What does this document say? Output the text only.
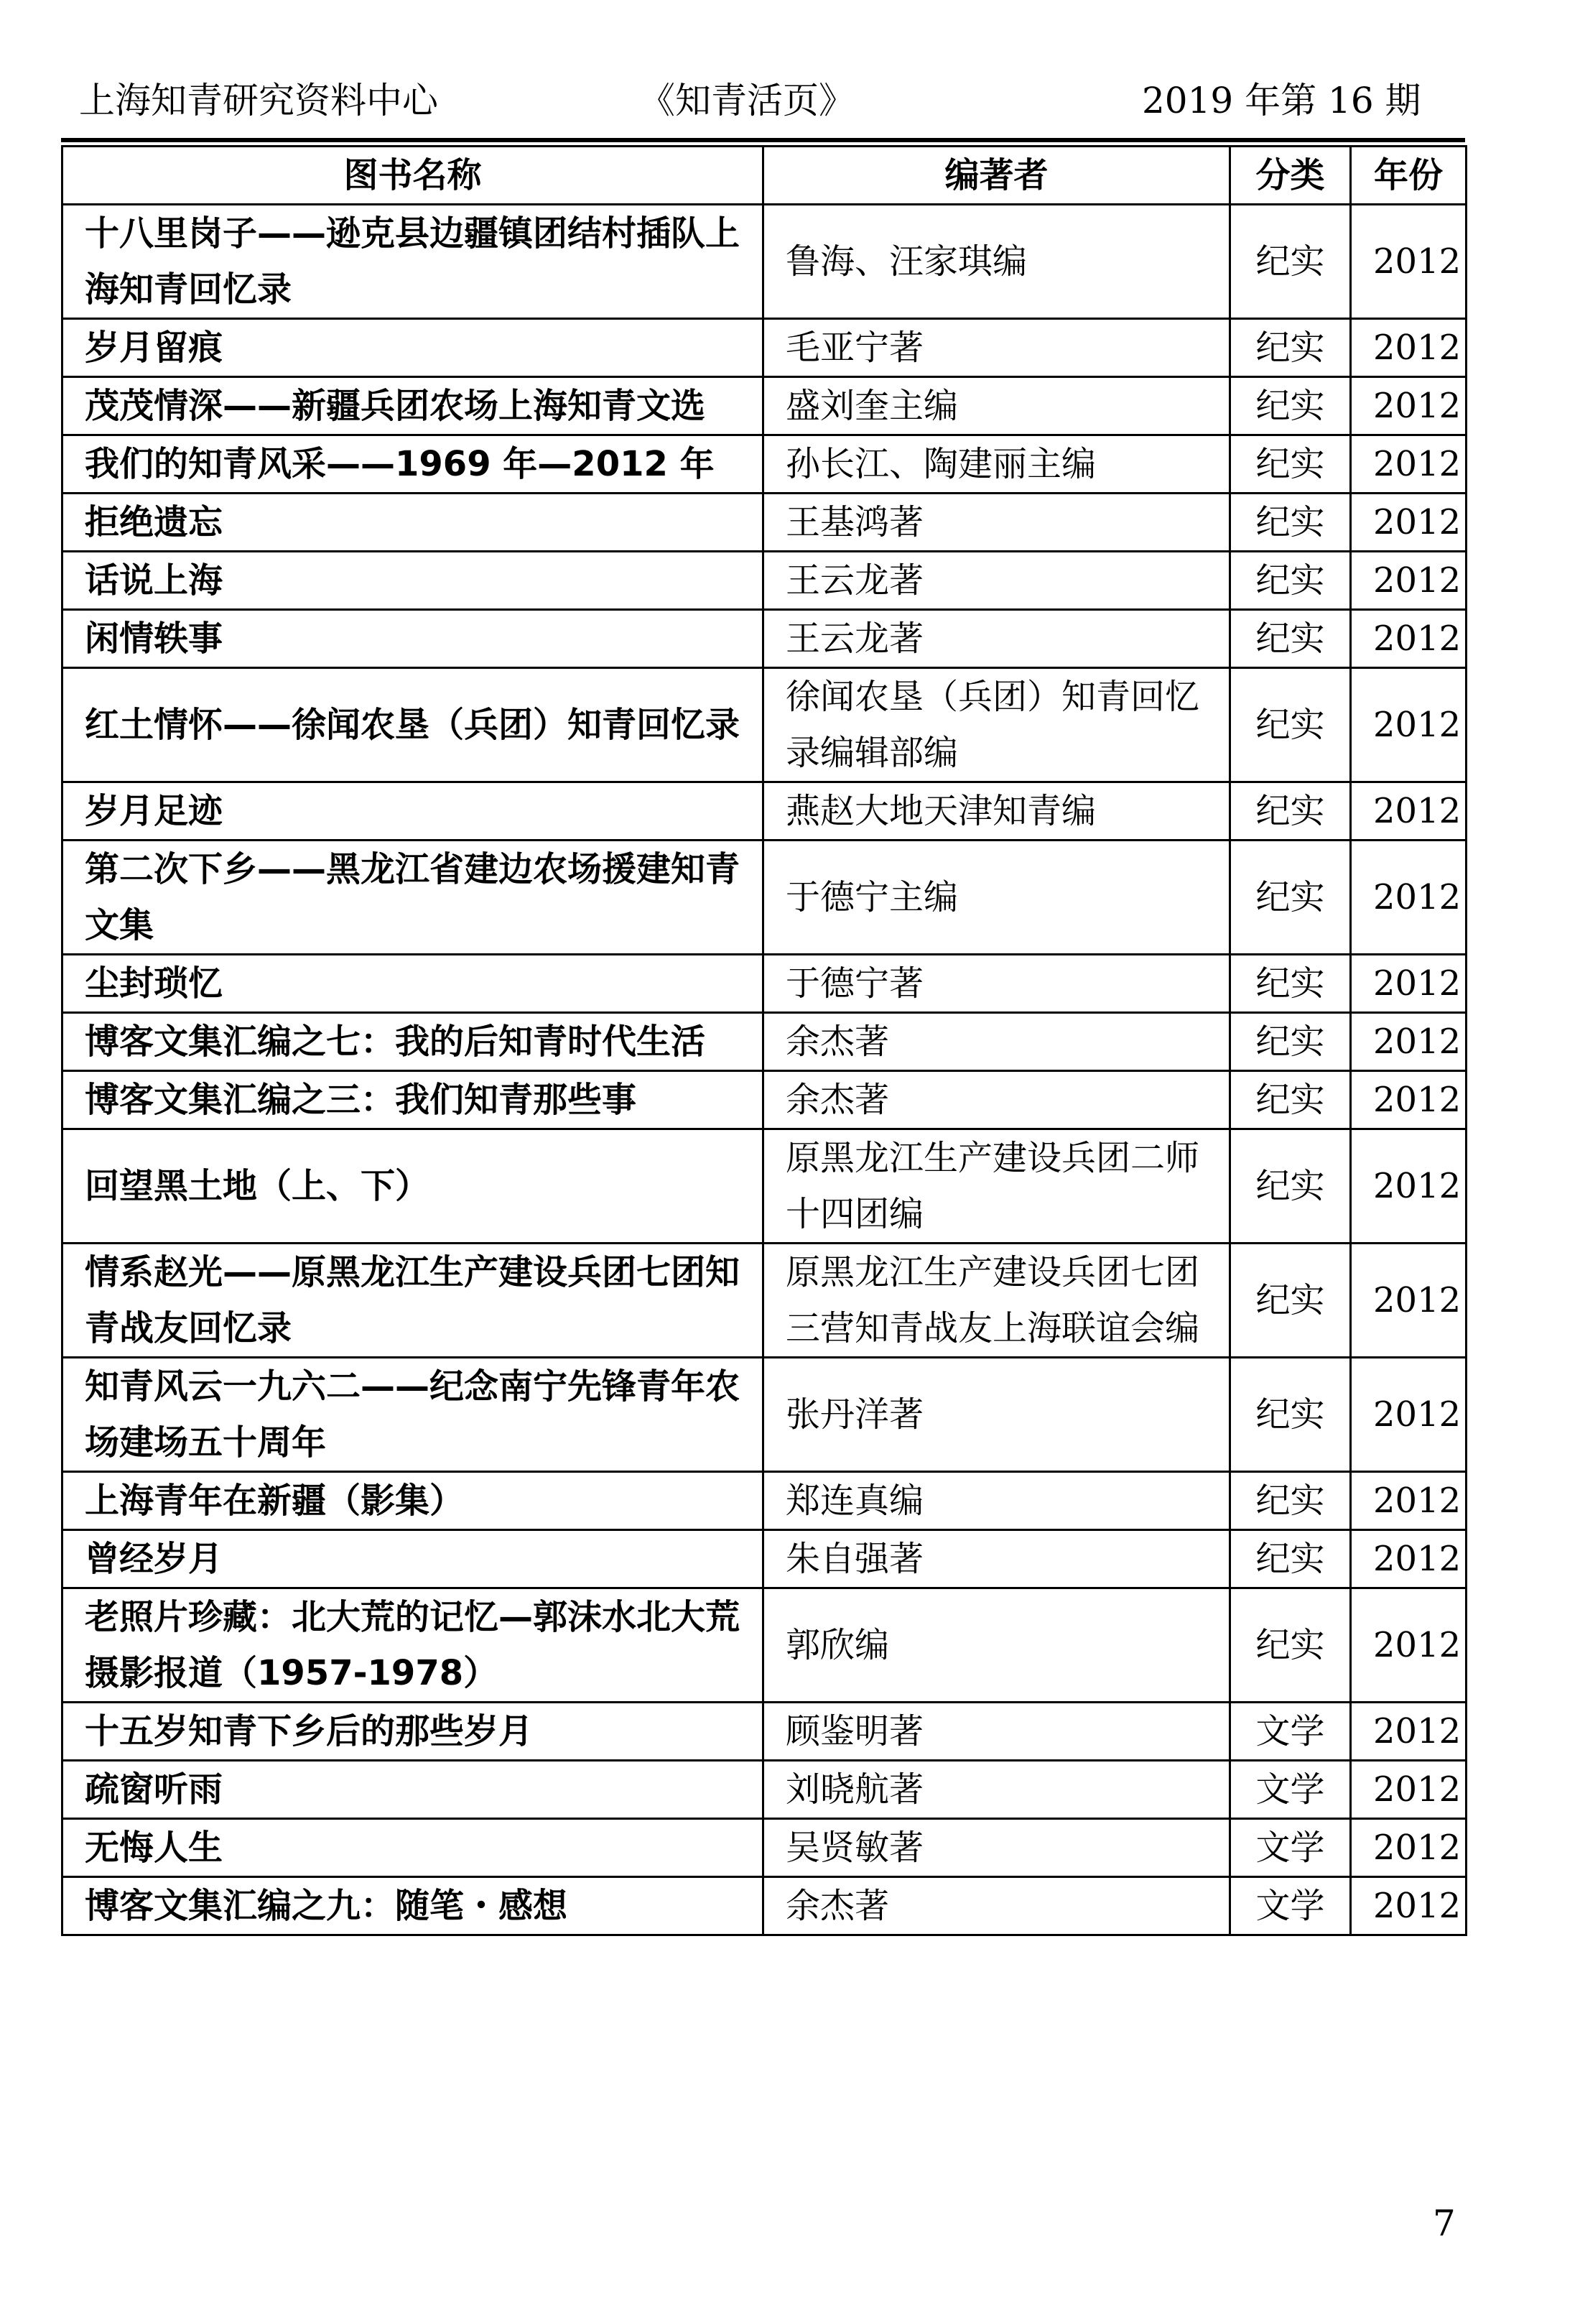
上海知青研究资料中心	《知青活页》	2019 年第 16 期
图书名称	编著者	分类	年份
十八里岗子——逊克县边疆镇团结村插队上海知青回忆录	鲁海、汪家琪编	纪实	2012
岁月留痕	毛亚宁著	纪实	2012
茂茂情深——新疆兵团农场上海知青文选	盛刘奎主编	纪实	2012
我们的知青风采——1969 年—2012 年	孙长江、陶建丽主编	纪实	2012
拒绝遗忘	王基鸿著	纪实	2012
话说上海	王云龙著	纪实	2012
闲情轶事	王云龙著	纪实	2012
红土情怀——徐闻农垦（兵团）知青回忆录	徐闻农垦（兵团）知青回忆录编辑部编	纪实	2012
岁月足迹	燕赵大地天津知青编	纪实	2012
第二次下乡——黑龙江省建边农场援建知青文集	于德宁主编	纪实	2012
尘封琐忆	于德宁著	纪实	2012
博客文集汇编之七：我的后知青时代生活	余杰著	纪实	2012
博客文集汇编之三：我们知青那些事	余杰著	纪实	2012
回望黑土地（上、下）	原黑龙江生产建设兵团二师十四团编	纪实	2012
情系赵光——原黑龙江生产建设兵团七团知青战友回忆录	原黑龙江生产建设兵团七团三营知青战友上海联谊会编	纪实	2012
知青风云一九六二——纪念南宁先锋青年农场建场五十周年	张丹洋著	纪实	2012
上海青年在新疆（影集）	郑连真编	纪实	2012
曾经岁月	朱自强著	纪实	2012
老照片珍藏：北大荒的记忆—郭沫水北大荒摄影报道（1957-1978）	郭欣编	纪实	2012
十五岁知青下乡后的那些岁月	顾鉴明著	文学	2012
疏窗听雨	刘晓航著	文学	2012
无悔人生	吴贤敏著	文学	2012
博客文集汇编之九：随笔・感想	余杰著	文学	2012
7
